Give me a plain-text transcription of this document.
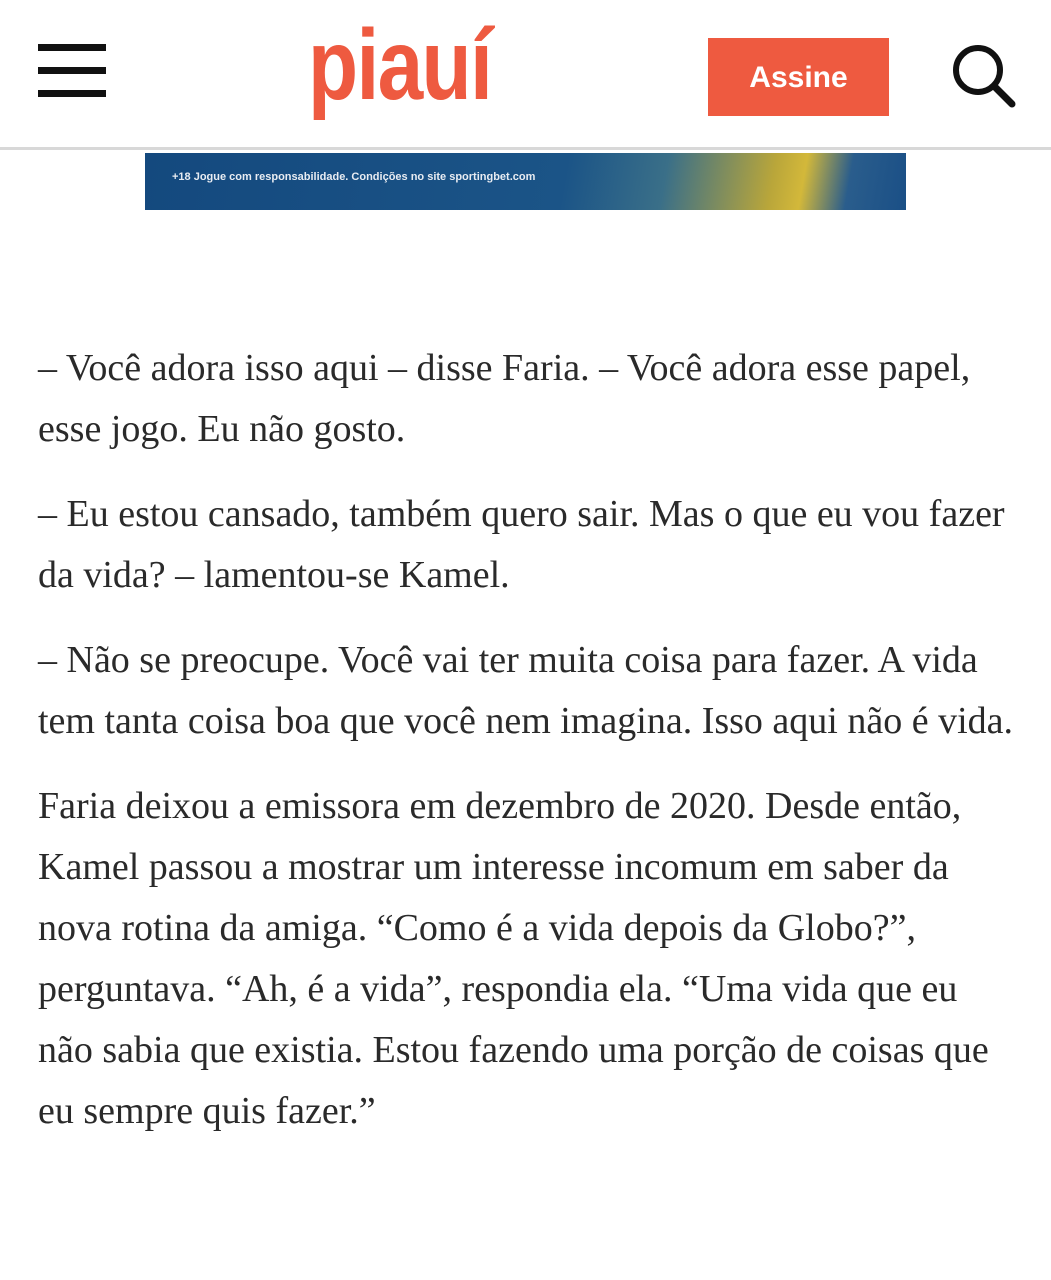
piauí	Assine
+18 Jogue com responsabilidade. Condições no site sportingbet.com

– Você adora isso aqui – disse Faria. – Você adora esse papel, esse jogo. Eu não gosto.

– Eu estou cansado, também quero sair. Mas o que eu vou fazer da vida? – lamentou-se Kamel.

– Não se preocupe. Você vai ter muita coisa para fazer. A vida tem tanta coisa boa que você nem imagina. Isso aqui não é vida.

Faria deixou a emissora em dezembro de 2020. Desde então, Kamel passou a mostrar um interesse incomum em saber da nova rotina da amiga. “Como é a vida depois da Globo?”, perguntava. “Ah, é a vida”, respondia ela. “Uma vida que eu não sabia que existia. Estou fazendo uma porção de coisas que eu sempre quis fazer.”
